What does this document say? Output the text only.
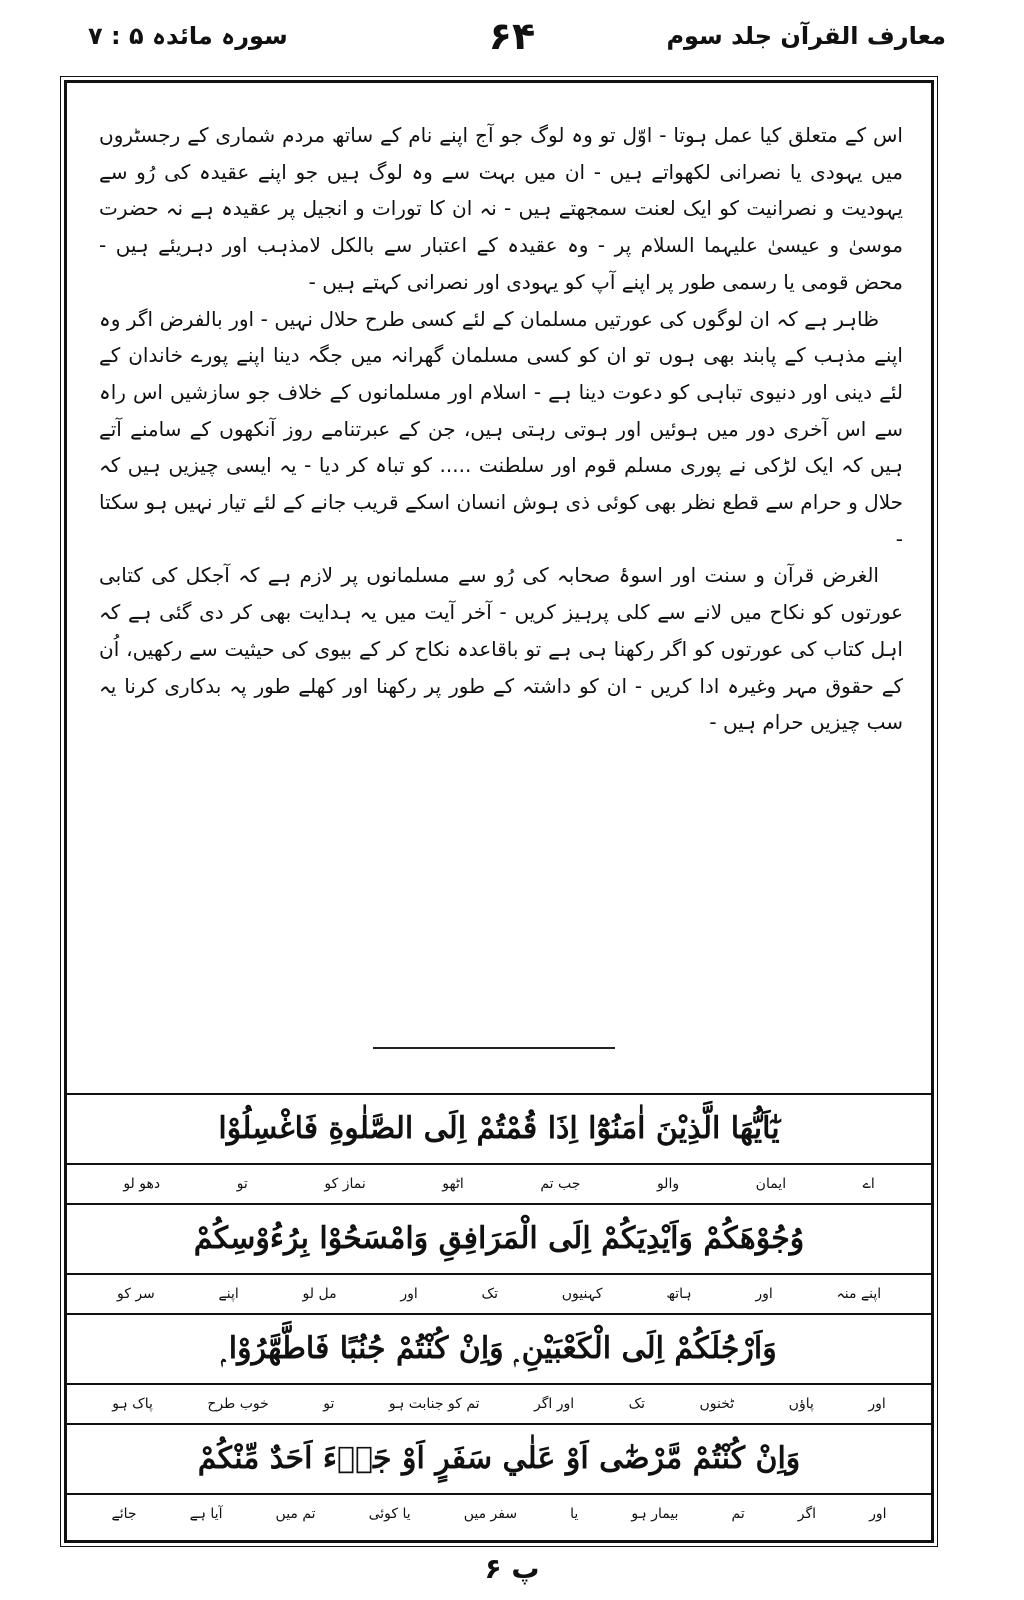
سورہ مائدہ ۵ : ۷	۶۴	معارف القرآن جلد سوم

اس کے متعلق کیا عمل ہوتا - اوّل تو وہ لوگ جو آج اپنے نام کے ساتھ مردم شماری کے رجسٹروں میں یہودی یا نصرانی لکھواتے ہیں - ان میں بہت سے وہ لوگ ہیں جو اپنے عقیدہ کی رُو سے یہودیت و نصرانیت کو ایک لعنت سمجھتے ہیں - نہ ان کا تورات و انجیل پر عقیدہ ہے نہ حضرت موسیٰ و عیسیٰ علیہما السلام پر - وہ عقیدہ کے اعتبار سے بالکل لامذہب اور دہریئے ہیں - محض قومی یا رسمی طور پر اپنے آپ کو یہودی اور نصرانی کہتے ہیں -

ظاہر ہے کہ ان لوگوں کی عورتیں مسلمان کے لئے کسی طرح حلال نہیں - اور بالفرض اگر وہ اپنے مذہب کے پابند بھی ہوں تو ان کو کسی مسلمان گھرانہ میں جگہ دینا اپنے پورے خاندان کے لئے دینی اور دنیوی تباہی کو دعوت دینا ہے - اسلام اور مسلمانوں کے خلاف جو سازشیں اس راہ سے اس آخری دور میں ہوئیں اور ہوتی رہتی ہیں، جن کے عبرتنامے روز آنکھوں کے سامنے آتے ہیں کہ ایک لڑکی نے پوری مسلم قوم اور سلطنت ..... کو تباہ کر دیا - یہ ایسی چیزیں ہیں کہ حلال و حرام سے قطع نظر بھی کوئی ذی ہوش انسان اسکے قریب جانے کے لئے تیار نہیں ہو سکتا -

الغرض قرآن و سنت اور اسوۂ صحابہ کی رُو سے مسلمانوں پر لازم ہے کہ آجکل کی کتابی عورتوں کو نکاح میں لانے سے کلی پرہیز کریں - آخر آیت میں یہ ہدایت بھی کر دی گئی ہے کہ اہل کتاب کی عورتوں کو اگر رکھنا ہی ہے تو باقاعدہ نکاح کر کے بیوی کی حیثیت سے رکھیں، اُن کے حقوق مہر وغیرہ ادا کریں - ان کو داشتہ کے طور پر رکھنا اور کھلے طور پہ بدکاری کرنا یہ سب چیزیں حرام ہیں -

يٰٓاَيُّهَا الَّذِيْنَ اٰمَنُوْٓا اِذَا قُمْتُمْ اِلَى الصَّلٰوةِ فَاغْسِلُوْا
اے
ایمان
والو
جب تم
اٹھو
نماز کو
تو
دھو لو
وُجُوْهَكُمْ وَاَيْدِيَكُمْ اِلَى الْمَرَافِقِ وَامْسَحُوْا بِرُءُوْسِكُمْ
اپنے منہ
اور
ہاتھ
کہنیوں
تک
اور
مل لو
اپنے
سر کو
وَاَرْجُلَكُمْ اِلَى الْكَعْبَيْنِ ۭ وَاِنْ كُنْتُمْ جُنُبًا فَاطَّهَّرُوْا ۭ
اور
پاؤں
ٹخنوں
تک
اور اگر
تم کو جنابت ہو
تو
خوب طرح
پاک ہو
وَاِنْ كُنْتُمْ مَّرْضٰٓى اَوْ عَلٰي سَفَرٍ اَوْ جَاۗءَ اَحَدٌ مِّنْكُمْ
اور
اگر
تم
بیمار ہو
یا
سفر میں
یا کوئی
تم میں
آیا ہے
جائے
پ ۶
